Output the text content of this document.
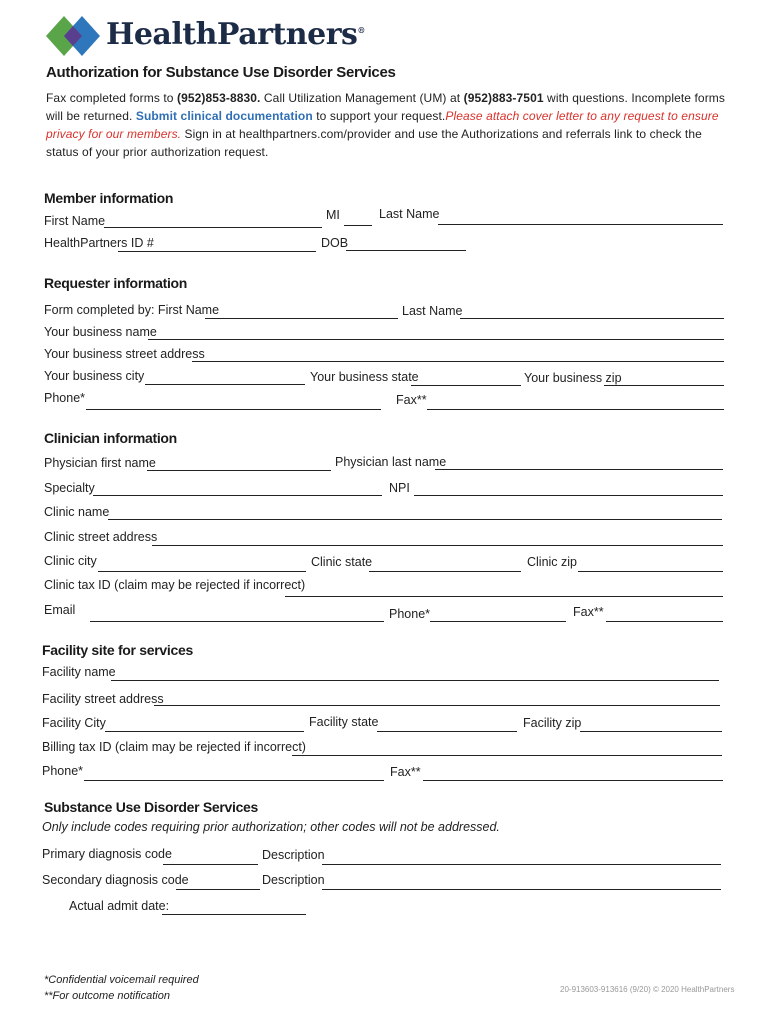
HealthPartners®
Authorization for Substance Use Disorder Services
Fax completed forms to (952)853-8830. Call Utilization Management (UM) at (952)883-7501 with questions. Incomplete forms will be returned. Submit clinical documentation to support your request.Please attach cover letter to any request to ensure privacy for our members. Sign in at healthpartners.com/provider and use the Authorizations and referrals link to check the status of your prior authorization request.
Member information
First Name	MI	Last Name
HealthPartners ID #	DOB
Requester information
Form completed by: First Name	Last Name
Your business name
Your business street address
Your business city	Your business state	Your business zip
Phone*	Fax**
Clinician information
Physician first name	Physician last name
Specialty	NPI
Clinic name
Clinic street address
Clinic city	Clinic state	Clinic zip
Clinic tax ID (claim may be rejected if incorrect)
Email	Phone*	Fax**
Facility site for services
Facility name
Facility street address
Facility City	Facility state	Facility zip
Billing tax ID (claim may be rejected if incorrect)
Phone*	Fax**
Substance Use Disorder Services
Only include codes requiring prior authorization; other codes will not be addressed.
Primary diagnosis code	Description
Secondary diagnosis code	Description
Actual admit date:
*Confidential voicemail required
**For outcome notification
20-913603-913616 (9/20) © 2020 HealthPartners
